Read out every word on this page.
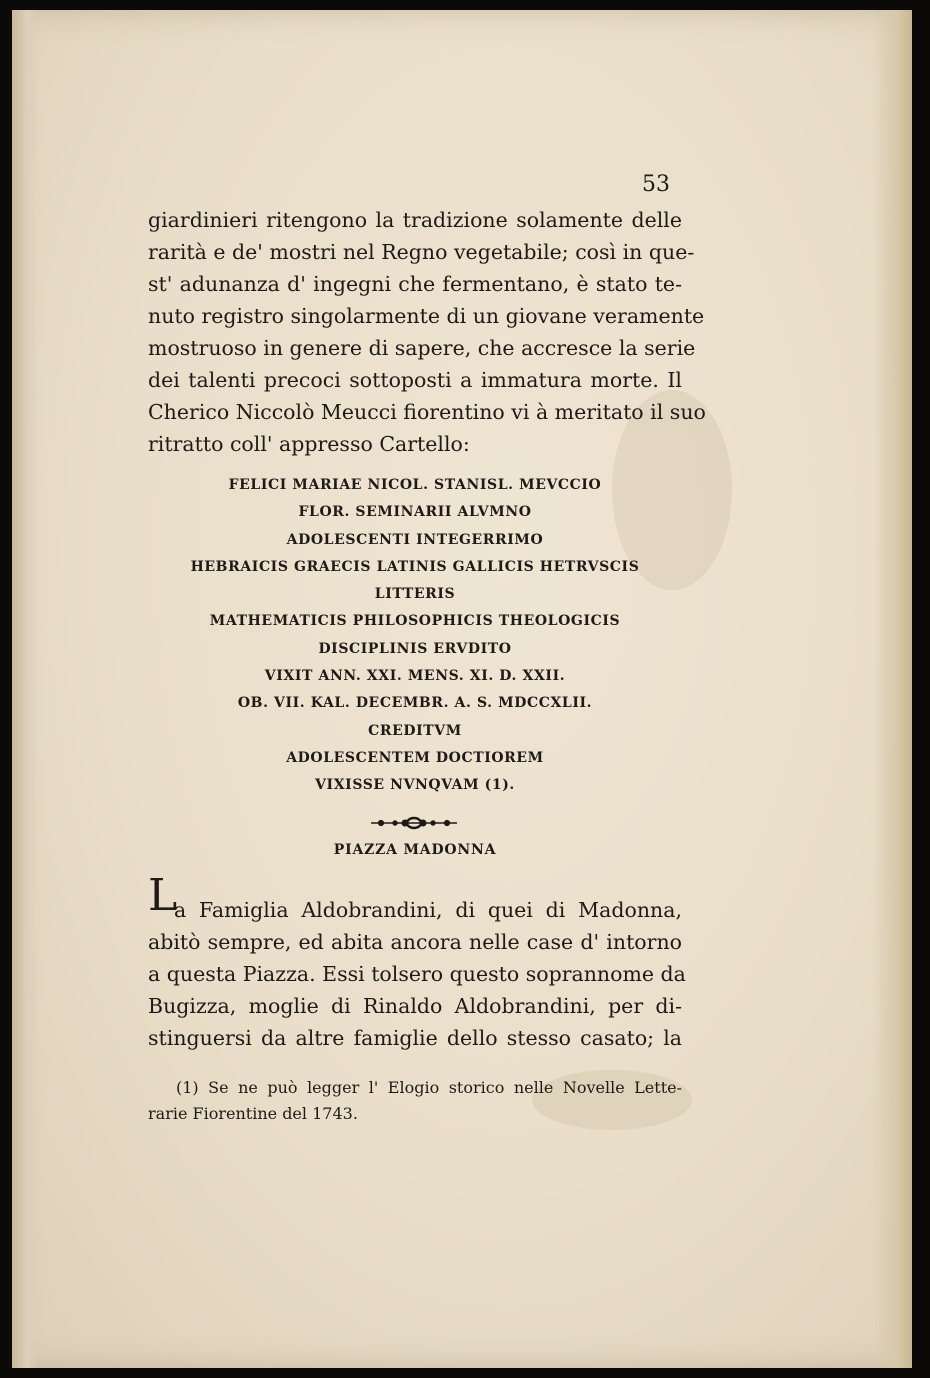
53
giardinieri ritengono la tradizione solamente delle
rarità e de' mostri nel Regno vegetabile; così in que-
st' adunanza d' ingegni che fermentano, è stato te-
nuto registro singolarmente di un giovane veramente
mostruoso in genere di sapere, che accresce la serie
dei talenti precoci sottoposti a immatura morte. Il
Cherico Niccolò Meucci fiorentino vi à meritato il suo
ritratto coll' appresso Cartello:
FELICI MARIAE NICOL. STANISL. MEVCCIO
FLOR. SEMINARII ALVMNO
ADOLESCENTI INTEGERRIMO
HEBRAICIS GRAECIS LATINIS GALLICIS HETRVSCIS
LITTERIS
MATHEMATICIS PHILOSOPHICIS THEOLOGICIS
DISCIPLINIS ERVDITO
VIXIT ANN. XXI. MENS. XI. D. XXII.
OB. VII. KAL. DECEMBR. A. S. MDCCXLII.
CREDITVM
ADOLESCENTEM DOCTIOREM
VIXISSE NVNQVAM (1).
PIAZZA MADONNA
L
a Famiglia Aldobrandini, di quei di Madonna,
abitò sempre, ed abita ancora nelle case d' intorno
a questa Piazza. Essi tolsero questo soprannome da
Bugizza, moglie di Rinaldo Aldobrandini, per di-
stinguersi da altre famiglie dello stesso casato; la
(1) Se ne può legger l' Elogio storico nelle Novelle Lette-
rarie Fiorentine del 1743.
